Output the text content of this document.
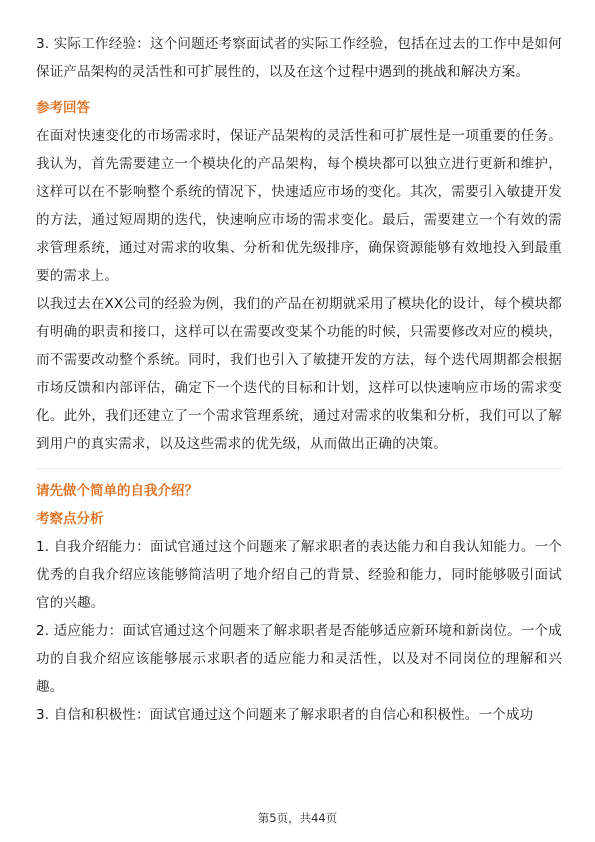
3. 实际工作经验：这个问题还考察面试者的实际工作经验，包括在过去的工作中是如何保证产品架构的灵活性和可扩展性的，以及在这个过程中遇到的挑战和解决方案。

参考回答

在面对快速变化的市场需求时，保证产品架构的灵活性和可扩展性是一项重要的任务。我认为，首先需要建立一个模块化的产品架构，每个模块都可以独立进行更新和维护，这样可以在不影响整个系统的情况下，快速适应市场的变化。其次，需要引入敏捷开发的方法，通过短周期的迭代，快速响应市场的需求变化。最后，需要建立一个有效的需求管理系统，通过对需求的收集、分析和优先级排序，确保资源能够有效地投入到最重要的需求上。

以我过去在XX公司的经验为例，我们的产品在初期就采用了模块化的设计，每个模块都有明确的职责和接口，这样可以在需要改变某个功能的时候，只需要修改对应的模块，而不需要改动整个系统。同时，我们也引入了敏捷开发的方法，每个迭代周期都会根据市场反馈和内部评估，确定下一个迭代的目标和计划，这样可以快速响应市场的需求变化。此外，我们还建立了一个需求管理系统，通过对需求的收集和分析，我们可以了解到用户的真实需求，以及这些需求的优先级，从而做出正确的决策。

请先做个简单的自我介绍？
考察点分析

1. 自我介绍能力：面试官通过这个问题来了解求职者的表达能力和自我认知能力。一个优秀的自我介绍应该能够简洁明了地介绍自己的背景、经验和能力，同时能够吸引面试官的兴趣。

2. 适应能力：面试官通过这个问题来了解求职者是否能够适应新环境和新岗位。一个成功的自我介绍应该能够展示求职者的适应能力和灵活性，以及对不同岗位的理解和兴趣。

3. 自信和积极性：面试官通过这个问题来了解求职者的自信心和积极性。一个成功

第5页，共44页
